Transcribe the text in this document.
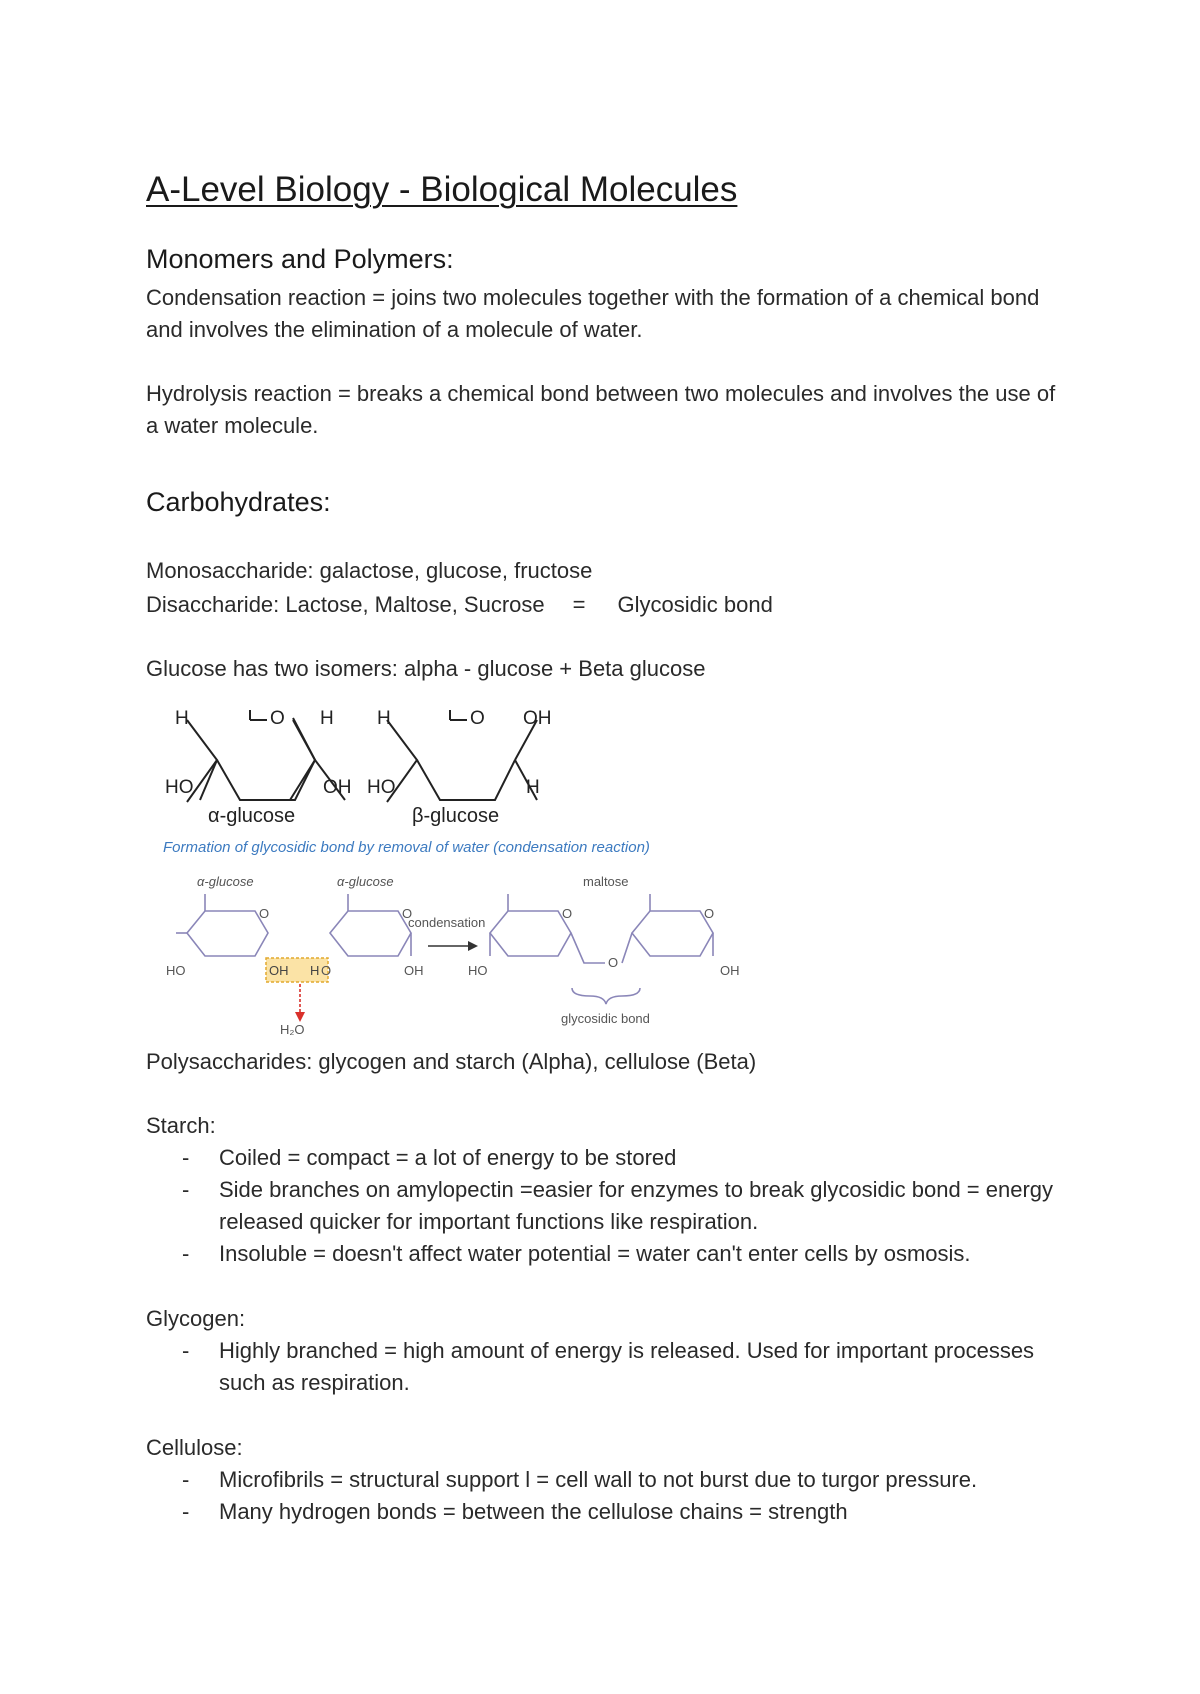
A-Level Biology - Biological Molecules
Monomers and Polymers:

Condensation reaction = joins two molecules together with the formation of a chemical bond and involves the elimination of a molecule of water.

Hydrolysis reaction = breaks a chemical bond between two molecules and involves the use of a water molecule.

Carbohydrates:

Monosaccharide: galactose, glucose, fructose

Disaccharide: Lactose, Maltose, Sucrose = Glycosidic bond

Glucose has two isomers: alpha - glucose + Beta glucose

H	O H
HO	OH
α-glucose
H	O OH
HO	H
β-glucose
Formation of glycosidic bond by removal of water (condensation reaction)
α-glucose	α-glucose	maltose
O	O	O	O
HO	OH H O	OH	HO
O
OH
condensation
H₂O
glycosidic bond

Polysaccharides: glycogen and starch (Alpha), cellulose (Beta)

Starch:

- Coiled = compact = a lot of energy to be stored
- Side branches on amylopectin =easier for enzymes to break glycosidic bond = energy released quicker for important functions like respiration.
- Insoluble = doesn't affect water potential = water can't enter cells by osmosis.

Glycogen:

- Highly branched = high amount of energy is released. Used for important processes such as respiration.

Cellulose:

- Microfibrils = structural support l = cell wall to not burst due to turgor pressure.
- Many hydrogen bonds = between the cellulose chains = strength
